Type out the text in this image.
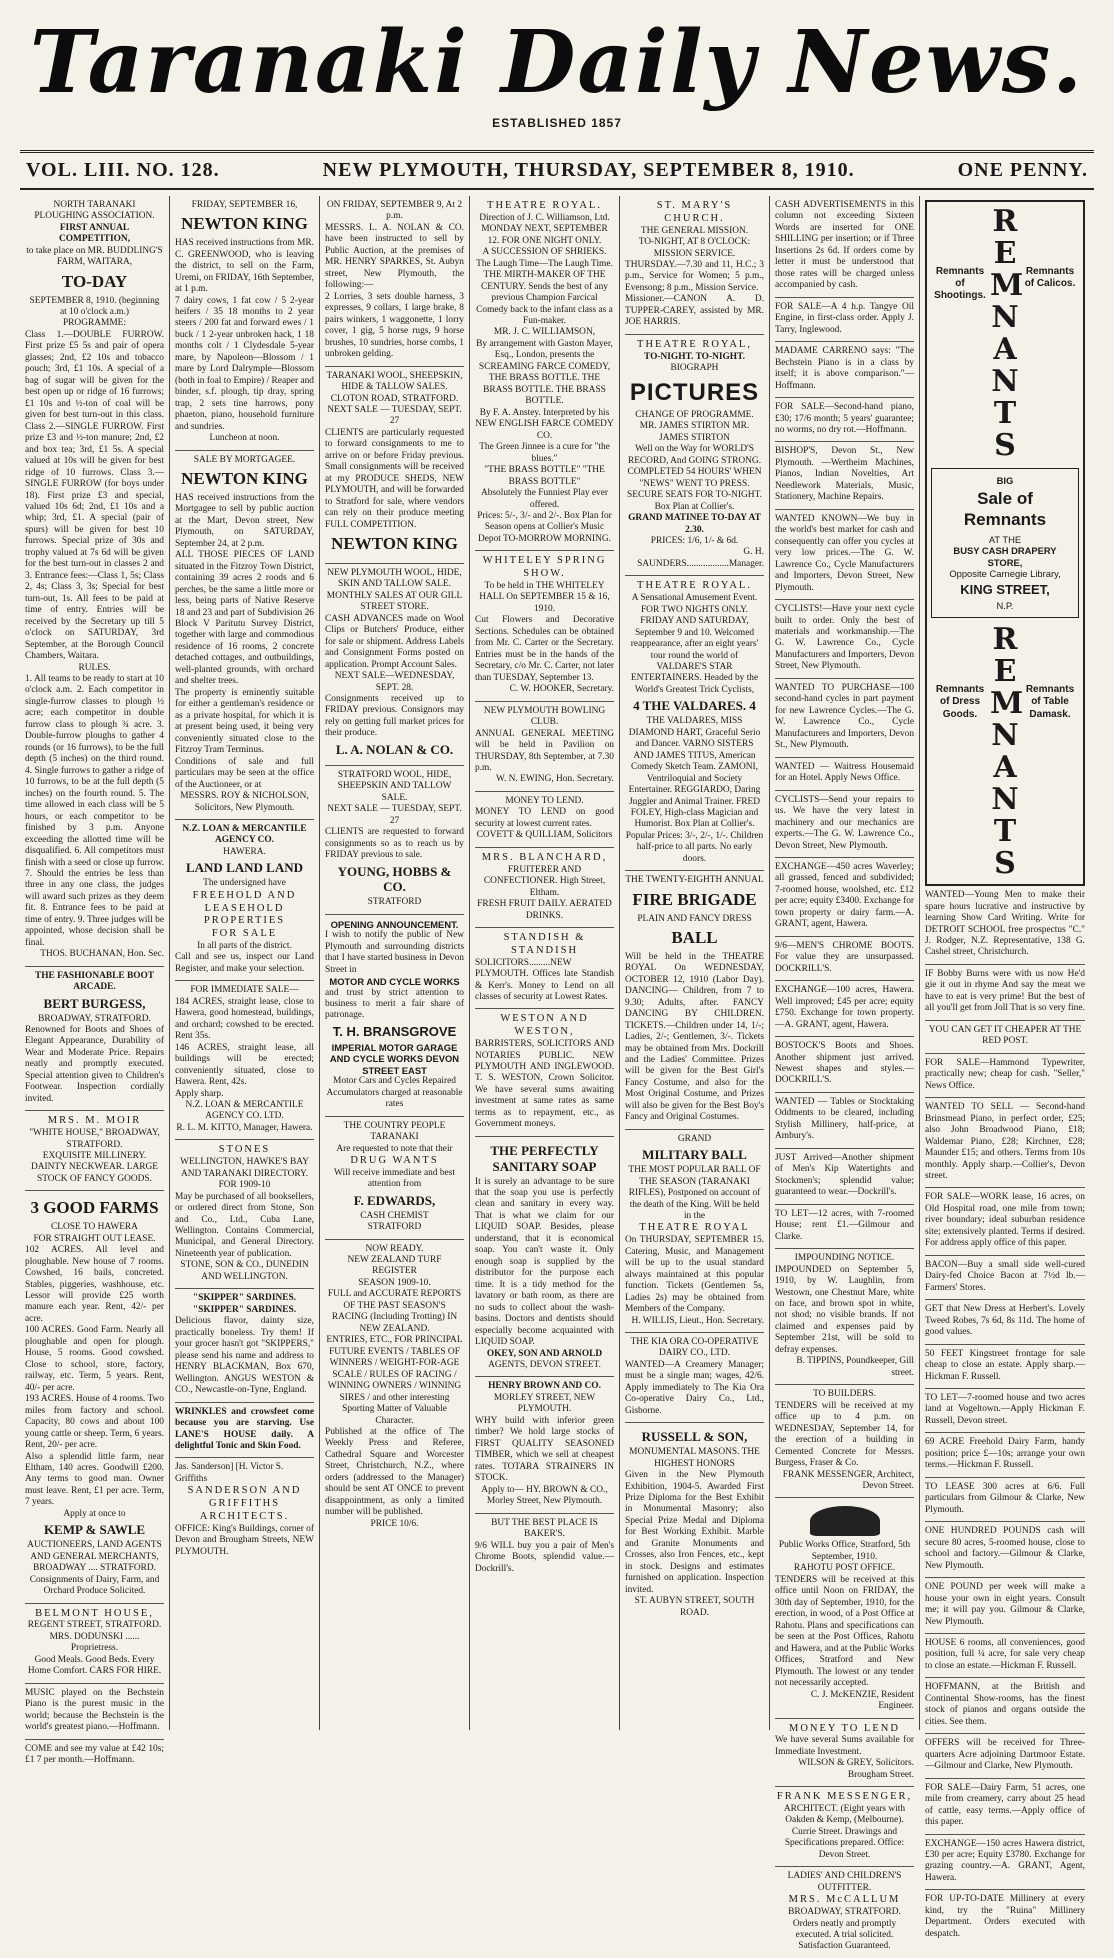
Taranaki Daily News.
ESTABLISHED 1857
VOL. LIII. NO. 128.	NEW PLYMOUTH, THURSDAY, SEPTEMBER 8, 1910.	ONE PENNY.
NORTH TARANAKI PLOUGHING ASSOCIATION.
FIRST ANNUAL COMPETITION,
to take place on MR. BUDDLING'S FARM, WAITARA,
TO-DAY
SEPTEMBER 8, 1910. (beginning at 10 o'clock a.m.)
PROGRAMME:
Class 1.—DOUBLE FURROW. First prize £5 5s and pair of opera glasses; 2nd, £2 10s and tobacco pouch; 3rd, £1 10s. A special of a bag of sugar will be given for the best open up or ridge of 16 furrows; £1 10s and ½-ton of coal will be given for best turn-out in this class. Class 2.—SINGLE FURROW. First prize £3 and ½-ton manure; 2nd, £2 and box tea; 3rd, £1 5s. A special valued at 10s will be given for best ridge of 10 furrows. Class 3.—SINGLE FURROW (for boys under 18). First prize £3 and special, valued 10s 6d; 2nd, £1 10s and a whip; 3rd, £1. A special (pair of spurs) will be given for best 10 furrows. Special prize of 30s and trophy valued at 7s 6d will be given for the best turn-out in classes 2 and 3. Entrance fees:—Class 1, 5s; Class 2, 4s; Class 3, 3s; Special for best turn-out, 1s. All fees to be paid at time of entry. Entries will be received by the Secretary up till 5 o'clock on SATURDAY, 3rd September, at the Borough Council Chambers, Waitara.
RULES.
1. All teams to be ready to start at 10 o'clock a.m. 2. Each competitor in single-furrow classes to plough ½ acre; each competitor in double furrow class to plough ¾ acre. 3. Double-furrow ploughs to gather 4 rounds (or 16 furrows), to be the full depth (5 inches) on the third round. 4. Single furrows to gather a ridge of 10 furrows, to be at the full depth (5 inches) on the fourth round. 5. The time allowed in each class will be 5 hours, or each competitor to be finished by 3 p.m. Anyone exceeding the allotted time will be disqualified. 6. All competitors must finish with a seed or close up furrow. 7. Should the entries be less than three in any one class, the judges will award such prizes as they deem fit. 8. Entrance fees to be paid at time of entry. 9. Three judges will be appointed, whose decision shall be final.
THOS. BUCHANAN, Hon. Sec.
THE FASHIONABLE BOOT ARCADE.
BERT BURGESS,
BROADWAY, STRATFORD.
Renowned for Boots and Shoes of Elegant Appearance, Durability of Wear and Moderate Price. Repairs neatly and promptly executed. Special attention given to Children's Footwear. Inspection cordially invited.
MRS. M. MOIR
"WHITE HOUSE," BROADWAY, STRATFORD.
EXQUISITE MILLINERY. DAINTY NECKWEAR. LARGE STOCK OF FANCY GOODS.
3 GOOD FARMS
CLOSE TO HAWERA
FOR STRAIGHT OUT LEASE.
102 ACRES. All level and ploughable. New house of 7 rooms. Cowshed, 16 bails, concreted. Stables, piggeries, washhouse, etc. Lessor will provide £25 worth manure each year. Rent, 42/- per acre.
100 ACRES. Good Farm. Nearly all ploughable and open for plough. House, 5 rooms. Good cowshed. Close to school, store, factory, railway, etc. Term, 5 years. Rent, 40/- per acre.
193 ACRES. House of 4 rooms. Two miles from factory and school. Capacity, 80 cows and about 100 young cattle or sheep. Term, 6 years. Rent, 20/- per acre.
Also a splendid little farm, near Eltham, 140 acres. Goodwill £200. Any terms to good man. Owner must leave. Rent, £1 per acre. Term, 7 years.
Apply at once to
KEMP & SAWLE
AUCTIONEERS, LAND AGENTS AND GENERAL MERCHANTS, BROADWAY .... STRATFORD.
Consignments of Dairy, Farm, and Orchard Produce Solicited.
BELMONT HOUSE,
REGENT STREET, STRATFORD.
MRS. DODUNSKI ...... Proprietress.
Good Meals. Good Beds. Every Home Comfort. CARS FOR HIRE.
MUSIC played on the Bechstein Piano is the purest music in the world; because the Bechstein is the world's greatest piano.—Hoffmann.
COME and see my value at £42 10s; £1 7 per month.—Hoffmann.
FRIDAY, SEPTEMBER 16,
NEWTON KING
HAS received instructions from MR. C. GREENWOOD, who is leaving the district, to sell on the Farm, Uremi, on FRIDAY, 16th September, at 1 p.m.
7 dairy cows, 1 fat cow / 5 2-year heifers / 35 18 months to 2 year steers / 200 fat and forward ewes / 1 buck / 1 2-year unbroken hack, 1 18 months colt / 1 Clydesdale 5-year mare, by Napoleon—Blossom / 1 mare by Lord Dalrymple—Blossom (both in foal to Empire) / Reaper and binder, s.f. plough, tip dray, spring trap, 2 sets tine harrows, pony phaeton, piano, household furniture and sundries.
Luncheon at noon.
SALE BY MORTGAGEE.
NEWTON KING
HAS received instructions from the Mortgagee to sell by public auction at the Mart, Devon street, New Plymouth, on SATURDAY, September 24, at 2 p.m.
ALL THOSE PIECES OF LAND situated in the Fitzroy Town District, containing 39 acres 2 roods and 6 perches, be the same a little more or less, being parts of Native Reserve 18 and 23 and part of Subdivision 26 Block V Paritutu Survey District, together with large and commodious residence of 16 rooms, 2 concrete detached cottages, and outbuildings, well-planted grounds, with orchard and shelter trees.
The property is eminently suitable for either a gentleman's residence or as a private hospital, for which it is at present being used, it being very conveniently situated close to the Fitzroy Tram Terminus.
Conditions of sale and full particulars may be seen at the office of the Auctioneer, or at
MESSRS. ROY & NICHOLSON, Solicitors, New Plymouth.
N.Z. LOAN & MERCANTILE AGENCY CO.
HAWERA.
LAND LAND LAND
The undersigned have
FREEHOLD AND LEASEHOLD PROPERTIES
FOR SALE
In all parts of the district.
Call and see us, inspect our Land Register, and make your selection.
FOR IMMEDIATE SALE—
184 ACRES, straight lease, close to Hawera, good homestead, buildings, and orchard; cowshed to be erected. Rent 35s.
146 ACRES, straight lease, all buildings will be erected; conveniently situated, close to Hawera. Rent, 42s.
Apply sharp.
N.Z. LOAN & MERCANTILE AGENCY CO. LTD.
R. L. M. KITTO, Manager, Hawera.
STONES
WELLINGTON, HAWKE'S BAY AND TARANAKI DIRECTORY. FOR 1909-10
May be purchased of all booksellers, or ordered direct from Stone, Son and Co., Ltd., Cuba Lane, Wellington. Contains Commercial, Municipal, and General Directory. Nineteenth year of publication.
STONE, SON & CO., DUNEDIN AND WELLINGTON.
"SKIPPER" SARDINES. "SKIPPER" SARDINES.
Delicious flavor, dainty size, practically boneless. Try them! If your grocer hasn't got "SKIPPERS," please send his name and address to HENRY BLACKMAN, Box 670, Wellington. ANGUS WESTON & CO., Newcastle-on-Tyne, England.
WRINKLES and crowsfeet come because you are starving. Use LANE'S HOUSE daily. A delightful Tonic and Skin Food.
Jas. Sanderson] [H. Victor S. Griffiths
SANDERSON AND GRIFFITHS ARCHITECTS.
OFFICE: King's Buildings, corner of Devon and Brougham Streets, NEW PLYMOUTH.
ON FRIDAY, SEPTEMBER 9, At 2 p.m.
MESSRS. L. A. NOLAN & CO. have been instructed to sell by Public Auction, at the premises of MR. HENRY SPARKES, St. Aubyn street, New Plymouth, the following:—
2 Lorries, 3 sets double harness, 3 expresses, 9 collars, 1 large brake, 8 pairs winkers, 1 waggonette, 1 lorry cover, 1 gig, 5 horse rugs, 9 horse brushes, 10 sundries, horse combs, 1 unbroken gelding.
TARANAKI WOOL, SHEEPSKIN, HIDE & TALLOW SALES.
CLOTON ROAD, STRATFORD. NEXT SALE — TUESDAY, SEPT. 27
CLIENTS are particularly requested to forward consignments to me to arrive on or before Friday previous. Small consignments will be received at my PRODUCE SHEDS, NEW PLYMOUTH, and will be forwarded to Stratford for sale, where vendors can rely on their produce meeting FULL COMPETITION.
NEWTON KING
NEW PLYMOUTH WOOL, HIDE, SKIN AND TALLOW SALE.
MONTHLY SALES AT OUR GILL STREET STORE.
CASH ADVANCES made on Wool Clips or Butchers' Produce, either for sale or shipment. Address Labels and Consignment Forms posted on application. Prompt Account Sales.
NEXT SALE—WEDNESDAY, SEPT. 28.
Consignments received up to FRIDAY previous. Consignors may rely on getting full market prices for their produce.
L. A. NOLAN & CO.
STRATFORD WOOL, HIDE, SHEEPSKIN AND TALLOW SALE.
NEXT SALE — TUESDAY, SEPT. 27
CLIENTS are requested to forward consignments so as to reach us by FRIDAY previous to sale.
YOUNG, HOBBS & CO.
STRATFORD
OPENING ANNOUNCEMENT.
I wish to notify the public of New Plymouth and surrounding districts that I have started business in Devon Street in
MOTOR AND CYCLE WORKS
and trust by strict attention to business to merit a fair share of patronage.
T. H. BRANSGROVE
IMPERIAL MOTOR GARAGE AND CYCLE WORKS DEVON STREET EAST
Motor Cars and Cycles Repaired
Accumulators charged at reasonable rates
THE COUNTRY PEOPLE
TARANAKI
Are requested to note that their
DRUG WANTS
Will receive immediate and best attention from
F. EDWARDS,
CASH CHEMIST
STRATFORD
NOW READY.
NEW ZEALAND TURF REGISTER
SEASON 1909-10.
FULL and ACCURATE REPORTS OF THE PAST SEASON'S RACING (Including Trotting) IN NEW ZEALAND.
ENTRIES, ETC., FOR PRINCIPAL FUTURE EVENTS / TABLES OF WINNERS / WEIGHT-FOR-AGE SCALE / RULES OF RACING / WINNING OWNERS / WINNING SIRES / and other interesting Sporting Matter of Valuable Character.
Published at the office of The Weekly Press and Referee, Cathedral Square and Worcester Street, Christchurch, N.Z., where orders (addressed to the Manager) should be sent AT ONCE to prevent disappointment, as only a limited number will be published.
PRICE 10/6.
THEATRE ROYAL.
Direction of J. C. Williamson, Ltd.
MONDAY NEXT, SEPTEMBER 12. FOR ONE NIGHT ONLY.
A SUCCESSION OF SHRIEKS. The Laugh Time—The Laugh Time. THE MIRTH-MAKER OF THE CENTURY. Sends the best of any previous Champion Farcical Comedy back to the infant class as a Fun-maker.
MR. J. C. WILLIAMSON,
By arrangement with Gaston Mayer, Esq., London, presents the SCREAMING FARCE COMEDY,
THE BRASS BOTTLE. THE BRASS BOTTLE. THE BRASS BOTTLE.
By F. A. Anstey. Interpreted by his NEW ENGLISH FARCE COMEDY CO.
The Green Jinnee is a cure for "the blues."
"THE BRASS BOTTLE" "THE BRASS BOTTLE"
Absolutely the Funniest Play ever offered.
Prices: 5/-, 3/- and 2/-. Box Plan for Season opens at Collier's Music Depot TO-MORROW MORNING.
WHITELEY SPRING SHOW.
To be held in THE WHITELEY HALL On SEPTEMBER 15 & 16, 1910.
Cut Flowers and Decorative Sections. Schedules can be obtained from Mr. C. Carter or the Secretary. Entries must be in the hands of the Secretary, c/o Mr. C. Carter, not later than TUESDAY, September 13.
C. W. HOOKER, Secretary.
NEW PLYMOUTH BOWLING CLUB.
ANNUAL GENERAL MEETING will be held in Pavilion on THURSDAY, 8th September, at 7.30 p.m.
W. N. EWING, Hon. Secretary.
MONEY TO LEND.
MONEY TO LEND on good security at lowest current rates.
COVETT & QUILLIAM, Solicitors
MRS. BLANCHARD,
FRUITERER AND CONFECTIONER. High Street, Eltham.
FRESH FRUIT DAILY. AERATED DRINKS.
STANDISH & STANDISH
SOLICITORS.........NEW PLYMOUTH. Offices late Standish & Kerr's. Money to Lend on all classes of security at Lowest Rates.
WESTON AND WESTON,
BARRISTERS, SOLICITORS AND NOTARIES PUBLIC. NEW PLYMOUTH AND INGLEWOOD. T. S. WESTON, Crown Solicitor. We have several sums awaiting investment at same rates as same terms as to repayment, etc., as Government moneys.
THE PERFECTLY SANITARY SOAP
It is surely an advantage to be sure that the soap you use is perfectly clean and sanitary in every way. That is what we claim for our LIQUID SOAP. Besides, please understand, that it is economical soap. You can't waste it. Only enough soap is supplied by the distributor for the purpose each time. It is a tidy method for the lavatory or bath room, as there are no suds to collect about the wash-basins. Doctors and dentists should especially become acquainted with LIQUID SOAP.
OKEY, SON AND ARNOLD
AGENTS, DEVON STREET.
HENRY BROWN AND CO.
MORLEY STREET, NEW PLYMOUTH.
WHY build with inferior green timber? We hold large stocks of FIRST QUALITY SEASONED TIMBER, which we sell at cheapest rates. TOTARA STRAINERS IN STOCK.
Apply to— HY. BROWN & CO., Morley Street, New Plymouth.
BUT THE BEST PLACE IS BAKER'S.
9/6 WILL buy you a pair of Men's Chrome Boots, splendid value.—Dockrill's.
ST. MARY'S CHURCH.
THE GENERAL MISSION.
TO-NIGHT, AT 8 O'CLOCK: MISSION SERVICE.
THURSDAY.—7.30 and 11, H.C.; 3 p.m., Service for Women; 5 p.m., Evensong; 8 p.m., Mission Service.
Missioner.—CANON A. D. TUPPER-CAREY, assisted by MR. JOE HARRIS.
THEATRE ROYAL,
TO-NIGHT. TO-NIGHT.
BIOGRAPH
PICTURES
CHANGE OF PROGRAMME.
MR. JAMES STIRTON MR. JAMES STIRTON
Well on the Way for WORLD'S RECORD, And GOING STRONG. COMPLETED 54 HOURS' WHEN "NEWS" WENT TO PRESS. SECURE SEATS FOR TO-NIGHT. Box Plan at Collier's.
GRAND MATINEE TO-DAY AT 2.30.
PRICES: 1/6, 1/- & 6d.
G. H. SAUNDERS..................Manager.
THEATRE ROYAL.
A Sensational Amusement Event. FOR TWO NIGHTS ONLY. FRIDAY AND SATURDAY, September 9 and 10. Welcomed reappearance, after an eight years' tour round the world of VALDARE'S STAR ENTERTAINERS. Headed by the World's Greatest Trick Cyclists,
4 THE VALDARES. 4
THE VALDARES, MISS DIAMOND HART, Graceful Serio and Dancer. VARNO SISTERS AND JAMES TITUS, American Comedy Sketch Team. ZAMONI, Ventriloquial and Society Entertainer. REGGIARDO, Daring Juggler and Animal Trainer. FRED FOLEY, High-class Magician and Humorist. Box Plan at Collier's. Popular Prices: 3/-, 2/-, 1/-. Children half-price to all parts. No early doors.
THE TWENTY-EIGHTH ANNUAL
FIRE BRIGADE
PLAIN AND FANCY DRESS
BALL
Will be held in the THEATRE ROYAL On WEDNESDAY, OCTOBER 12, 1910 (Labor Day). DANCING— Children, from 7 to 9.30; Adults, after. FANCY DANCING BY CHILDREN. TICKETS.—Children under 14, 1/-; Ladies, 2/-; Gentlemen, 3/-. Tickets may be obtained from Mrs. Dockrill and the Ladies' Committee. Prizes will be given for the Best Girl's Fancy Costume, and also for the Most Original Costume, and Prizes will also be given for the Best Boy's Fancy and Original Costumes.
GRAND
MILITARY BALL
THE MOST POPULAR BALL OF THE SEASON (TARANAKI RIFLES), Postponed on account of the death of the King. Will be held in the
THEATRE ROYAL
On THURSDAY, SEPTEMBER 15. Catering, Music, and Management will be up to the usual standard always maintained at this popular function. Tickets (Gentlemen 5s, Ladies 2s) may be obtained from Members of the Company.
H. WILLIS, Lieut., Hon. Secretary.
THE KIA ORA CO-OPERATIVE DAIRY CO., LTD.
WANTED—A Creamery Manager; must be a single man; wages, 42/6. Apply immediately to The Kia Ora Co-operative Dairy Co., Ltd., Gisborne.
RUSSELL & SON,
MONUMENTAL MASONS. THE HIGHEST HONORS
Given in the New Plymouth Exhibition, 1904-5. Awarded First Prize Diploma for the Best Exhibit in Monumental Masonry; also Special Prize Medal and Diploma for Best Working Exhibit. Marble and Granite Monuments and Crosses, also Iron Fences, etc., kept in stock. Designs and estimates furnished on application. Inspection invited.
ST. AUBYN STREET, SOUTH ROAD.
CASH ADVERTISEMENTS in this column not exceeding Sixteen Words are inserted for ONE SHILLING per insertion; or if Three Insertions 2s 6d. If orders come by letter it must be understood that those rates will be charged unless accompanied by cash.
FOR SALE—A 4 h.p. Tangye Oil Engine, in first-class order. Apply J. Tarry, Inglewood.
MADAME CARRENO says: "The Bechstein Piano is in a class by itself; it is above comparison."—Hoffmann.
FOR SALE—Second-hand piano, £30; 17/6 month; 5 years' guarantee; no worms, no dry rot.—Hoffmann.
BISHOP'S, Devon St., New Plymouth. —Wertheim Machines, Pianos, Indian Novelties, Art Needlework Materials, Music, Stationery, Machine Repairs.
WANTED KNOWN—We buy in the world's best market for cash and consequently can offer you cycles at very low prices.—The G. W. Lawrence Co., Cycle Manufacturers and Importers, Devon Street, New Plymouth.
CYCLISTS!—Have your next cycle built to order. Only the best of materials and workmanship.—The G. W. Lawrence Co., Cycle Manufacturers and Importers, Devon Street, New Plymouth.
WANTED TO PURCHASE—100 second-hand cycles in part payment for new Lawrence Cycles.—The G. W. Lawrence Co., Cycle Manufacturers and Importers, Devon St., New Plymouth.
WANTED — Waitress Housemaid for an Hotel. Apply News Office.
CYCLISTS—Send your repairs to us. We have the very latest in machinery and our mechanics are experts.—The G. W. Lawrence Co., Devon Street, New Plymouth.
EXCHANGE—450 acres Waverley; all grassed, fenced and subdivided; 7-roomed house, woolshed, etc. £12 per acre; equity £3400. Exchange for town property or dairy farm.—A. GRANT, agent, Hawera.
9/6—MEN'S CHROME BOOTS. For value they are unsurpassed. DOCKRILL'S.
EXCHANGE—100 acres, Hawera. Well improved; £45 per acre; equity £750. Exchange for town property.—A. GRANT, agent, Hawera.
BOSTOCK'S Boots and Shoes. Another shipment just arrived. Newest shapes and styles.—DOCKRILL'S.
WANTED — Tables or Stocktaking Oddments to be cleared, including Stylish Millinery, half-price, at Ambury's.
JUST Arrived—Another shipment of Men's Kip Watertights and Stockmen's; splendid value; guaranteed to wear.—Dockrill's.
TO LET—12 acres, with 7-roomed House; rent £1.—Gilmour and Clarke.
IMPOUNDING NOTICE.
IMPOUNDED on September 5, 1910, by W. Laughlin, from Westown, one Chestnut Mare, white on face, and brown spot in white, not shod; no visible brands. If not claimed and expenses paid by September 21st, will be sold to defray expenses.
B. TIPPINS, Poundkeeper, Gill street.
TO BUILDERS.
TENDERS will be received at my office up to 4 p.m. on WEDNESDAY, September 14, for the erection of a building in Cemented Concrete for Messrs. Burgess, Fraser & Co.
FRANK MESSENGER, Architect, Devon Street.
Public Works Office, Stratford, 5th September, 1910.
RAHOTU POST OFFICE.
TENDERS will be received at this office until Noon on FRIDAY, the 30th day of September, 1910, for the erection, in wood, of a Post Office at Rahotu. Plans and specifications can be seen at the Post Offices, Rahotu and Hawera, and at the Public Works Offices, Stratford and New Plymouth. The lowest or any tender not necessarily accepted.
C. J. McKENZIE, Resident Engineer.
MONEY TO LEND
We have several Sums available for Immediate Investment.
WILSON & GREY, Solicitors. Brougham Street.
FRANK MESSENGER,
ARCHITECT. (Eight years with Oakden & Kemp, (Melbourne). Currie Street. Drawings and Specifications prepared. Office: Devon Street.
LADIES' AND CHILDREN'S OUTFITTER.
MRS. McCALLUM
BROADWAY, STRATFORD. Orders neatly and promptly executed. A trial solicited. Satisfaction Guaranteed.
Remnants of Shootings.
R
E
M
N
A
N
T
S
Remnants of Calicos.
BIG
Sale of Remnants
AT THE
BUSY CASH DRAPERY STORE,
Opposite Carnegie Library,
KING STREET,
N.P.
Remnants of Dress Goods.
R
E
M
N
A
N
T
S
Remnants of Table Damask.
WANTED—Young Men to make their spare hours lucrative and instructive by learning Show Card Writing. Write for DETROIT SCHOOL free prospectus "C." J. Rodger, N.Z. Representative, 138 G. Cashel street, Christchurch.
IF Bobby Burns were with us now He'd gie it out in rhyme And say the meat we have to eat is very prime! But the best of all you'll get from Joll That is so very fine.
YOU CAN GET IT CHEAPER AT THE RED POST.
FOR SALE—Hammond Typewriter, practically new; cheap for cash. "Seller," News Office.
WANTED TO SELL — Second-hand Brinsmead Piano, in perfect order, £25; also John Broadwood Piano, £18; Waldemar Piano, £28; Kirchner, £28; Maunder £15; and others. Terms from 10s monthly. Apply sharp.—Collier's, Devon street.
FOR SALE—WORK lease, 16 acres, on Old Hospital road, one mile from town; river boundary; ideal suburban residence site; extensively planted. Terms if desired. For address apply office of this paper.
BACON—Buy a small side well-cured Dairy-fed Choice Bacon at 7½d lb.—Farmers' Stores.
GET that New Dress at Herbert's. Lovely Tweed Robes, 7s 6d, 8s 11d. The home of good values.
50 FEET Kingstreet frontage for sale cheap to close an estate. Apply sharp.—Hickman F. Russell.
TO LET—7-roomed house and two acres land at Vogeltown.—Apply Hickman F. Russell, Devon street.
69 ACRE Freehold Dairy Farm, handy position; price £—10s; arrange your own terms.—Hickman F. Russell.
TO LEASE 300 acres at 6/6. Full particulars from Gilmour & Clarke, New Plymouth.
ONE HUNDRED POUNDS cash will secure 80 acres, 5-roomed house, close to school and factory.—Gilmour & Clarke, New Plymouth.
ONE POUND per week will make a house your own in eight years. Consult me; it will pay you. Gilmour & Clarke, New Plymouth.
HOUSE 6 rooms, all conveniences, good position, full ¼ acre, for sale very cheap to close an estate.—Hickman F. Russell.
HOFFMANN, at the British and Continental Show-rooms, has the finest stock of pianos and organs outside the cities. See them.
OFFERS will be received for Three-quarters Acre adjoining Dartmoor Estate.—Gilmour and Clarke, New Plymouth.
FOR SALE—Dairy Farm, 51 acres, one mile from creamery, carry about 25 head of cattle, easy terms.—Apply office of this paper.
EXCHANGE—150 acres Hawera district, £30 per acre; Equity £3780. Exchange for grazing country.—A. GRANT, Agent, Hawera.
FOR UP-TO-DATE Millinery at every kind, try the "Ruina" Millinery Department. Orders executed with despatch.
